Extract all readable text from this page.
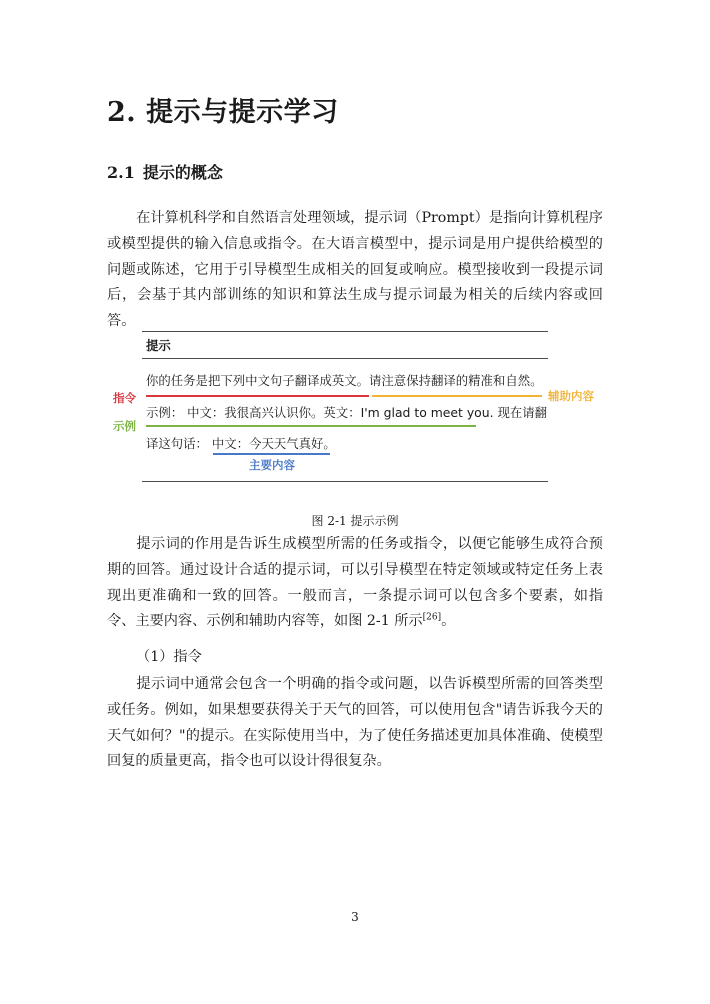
2. 提示与提示学习
2.1 提示的概念

在计算机科学和自然语言处理领域，提示词（Prompt）是指向计算机程序或模型提供的输入信息或指令。在大语言模型中，提示词是用户提供给模型的问题或陈述，它用于引导模型生成相关的回复或响应。模型接收到一段提示词后，会基于其内部训练的知识和算法生成与提示词最为相关的后续内容或回答。

提示
你的任务是把下列中文句子翻译成英文。请注意保持翻译的精准和自然。
指令	辅助内容
示例： 中文：我很高兴认识你。英文：I'm glad to meet you. 现在请翻
示例
译这句话： 中文：今天天气真好。
主要内容
图 2-1 提示示例

提示词的作用是告诉生成模型所需的任务或指令，以便它能够生成符合预期的回答。通过设计合适的提示词，可以引导模型在特定领域或特定任务上表现出更准确和一致的回答。一般而言，一条提示词可以包含多个要素，如指令、主要内容、示例和辅助内容等，如图 2-1 所示[26]。

（1）指令

提示词中通常会包含一个明确的指令或问题，以告诉模型所需的回答类型或任务。例如，如果想要获得关于天气的回答，可以使用包含"请告诉我今天的天气如何？"的提示。在实际使用当中，为了使任务描述更加具体准确、使模型回复的质量更高，指令也可以设计得很复杂。

3
